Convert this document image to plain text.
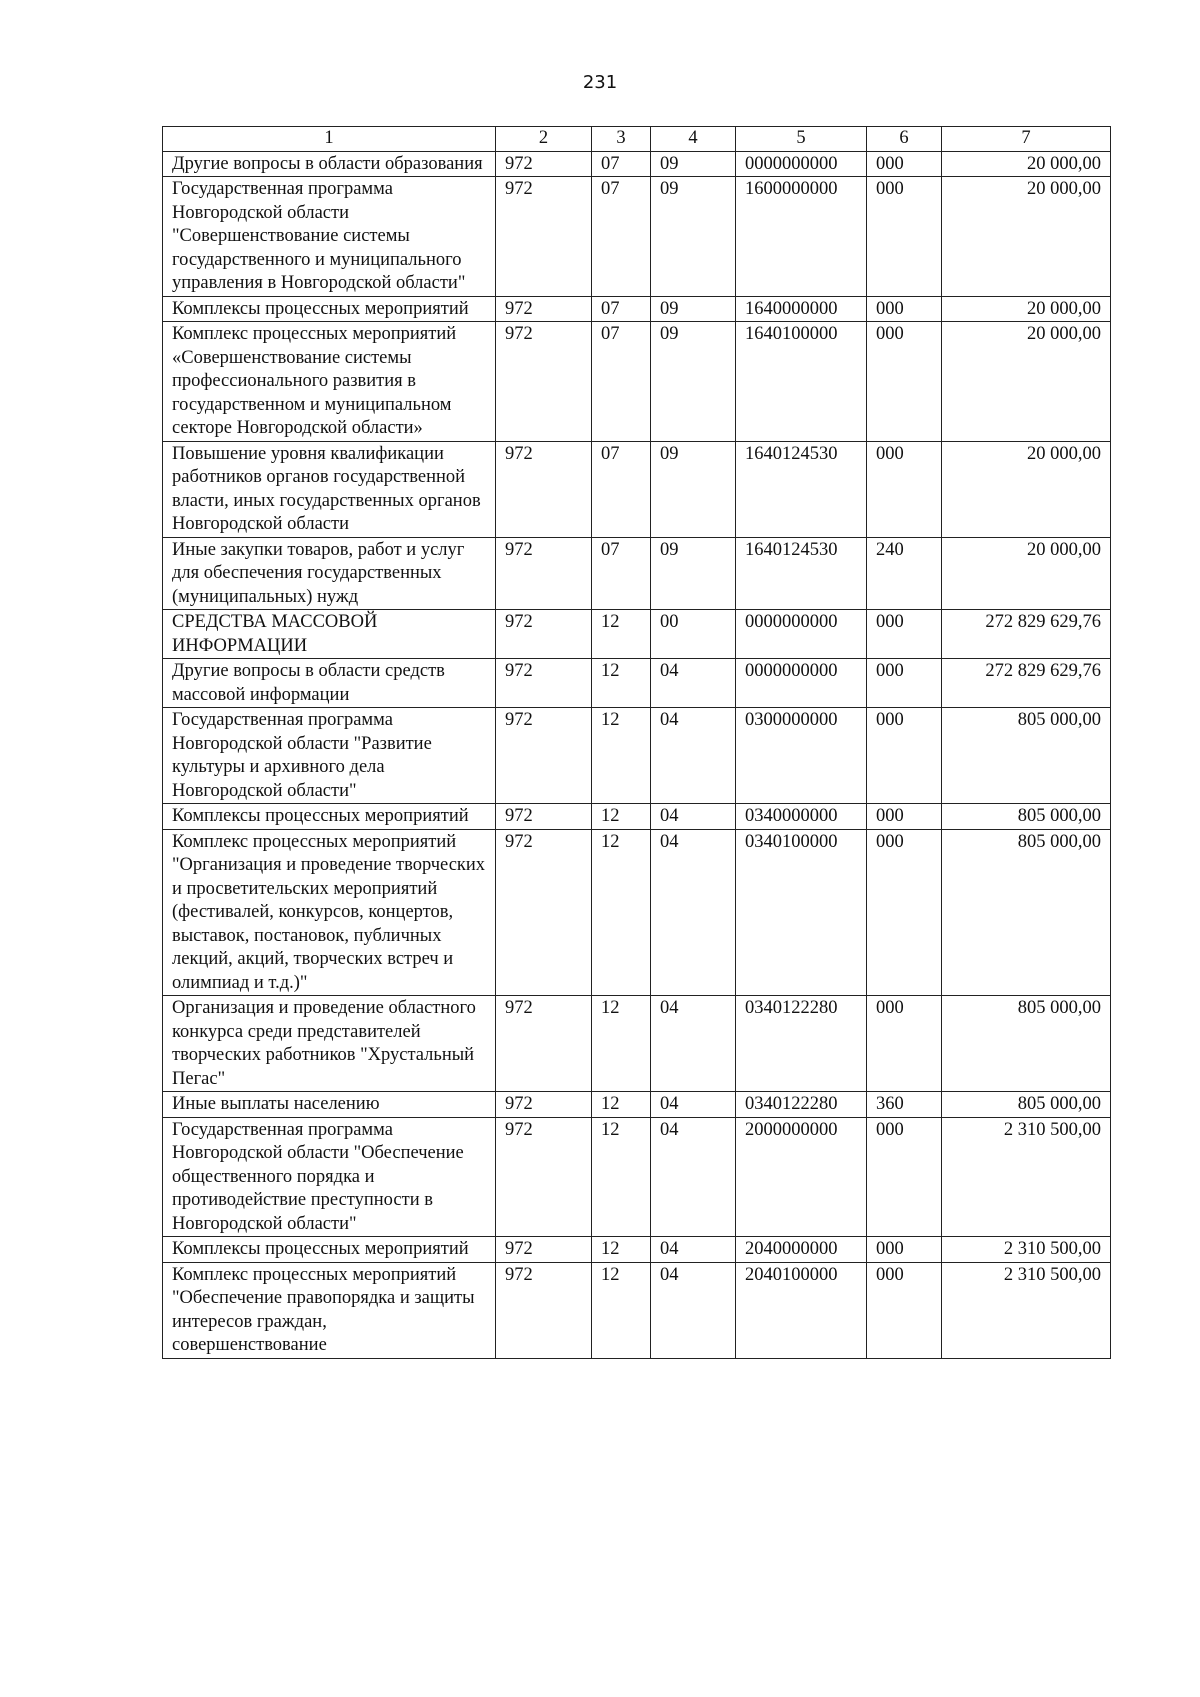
231
1	2	3	4	5	6	7
Другие вопросы в области образования	972	07	09	0000000000	000	20 000,00
Государственная программа Новгородской области "Совершенствование системы государственного и муниципального управления в Новгородской области"	972	07	09	1600000000	000	20 000,00
Комплексы процессных мероприятий	972	07	09	1640000000	000	20 000,00
Комплекс процессных мероприятий «Совершенствование системы профессионального развития в государственном и муниципальном секторе Новгородской области»	972	07	09	1640100000	000	20 000,00
Повышение уровня квалификации работников органов государственной власти, иных государственных органов Новгородской области	972	07	09	1640124530	000	20 000,00
Иные закупки товаров, работ и услуг для обеспечения государственных (муниципальных) нужд	972	07	09	1640124530	240	20 000,00
СРЕДСТВА МАССОВОЙ ИНФОРМАЦИИ	972	12	00	0000000000	000	272 829 629,76
Другие вопросы в области средств массовой информации	972	12	04	0000000000	000	272 829 629,76
Государственная программа Новгородской области "Развитие культуры и архивного дела Новгородской области"	972	12	04	0300000000	000	805 000,00
Комплексы процессных мероприятий	972	12	04	0340000000	000	805 000,00
Комплекс процессных мероприятий "Организация и проведение творческих и просветительских мероприятий (фестивалей, конкурсов, концертов, выставок, постановок, публичных лекций, акций, творческих встреч и олимпиад и т.д.)"	972	12	04	0340100000	000	805 000,00
Организация и проведение областного конкурса среди представителей творческих работников "Хрустальный Пегас"	972	12	04	0340122280	000	805 000,00
Иные выплаты населению	972	12	04	0340122280	360	805 000,00
Государственная программа Новгородской области "Обеспечение общественного порядка и противодействие преступности в Новгородской области"	972	12	04	2000000000	000	2 310 500,00
Комплексы процессных мероприятий	972	12	04	2040000000	000	2 310 500,00
Комплекс процессных мероприятий "Обеспечение правопорядка и защиты интересов граждан, совершенствование	972	12	04	2040100000	000	2 310 500,00
